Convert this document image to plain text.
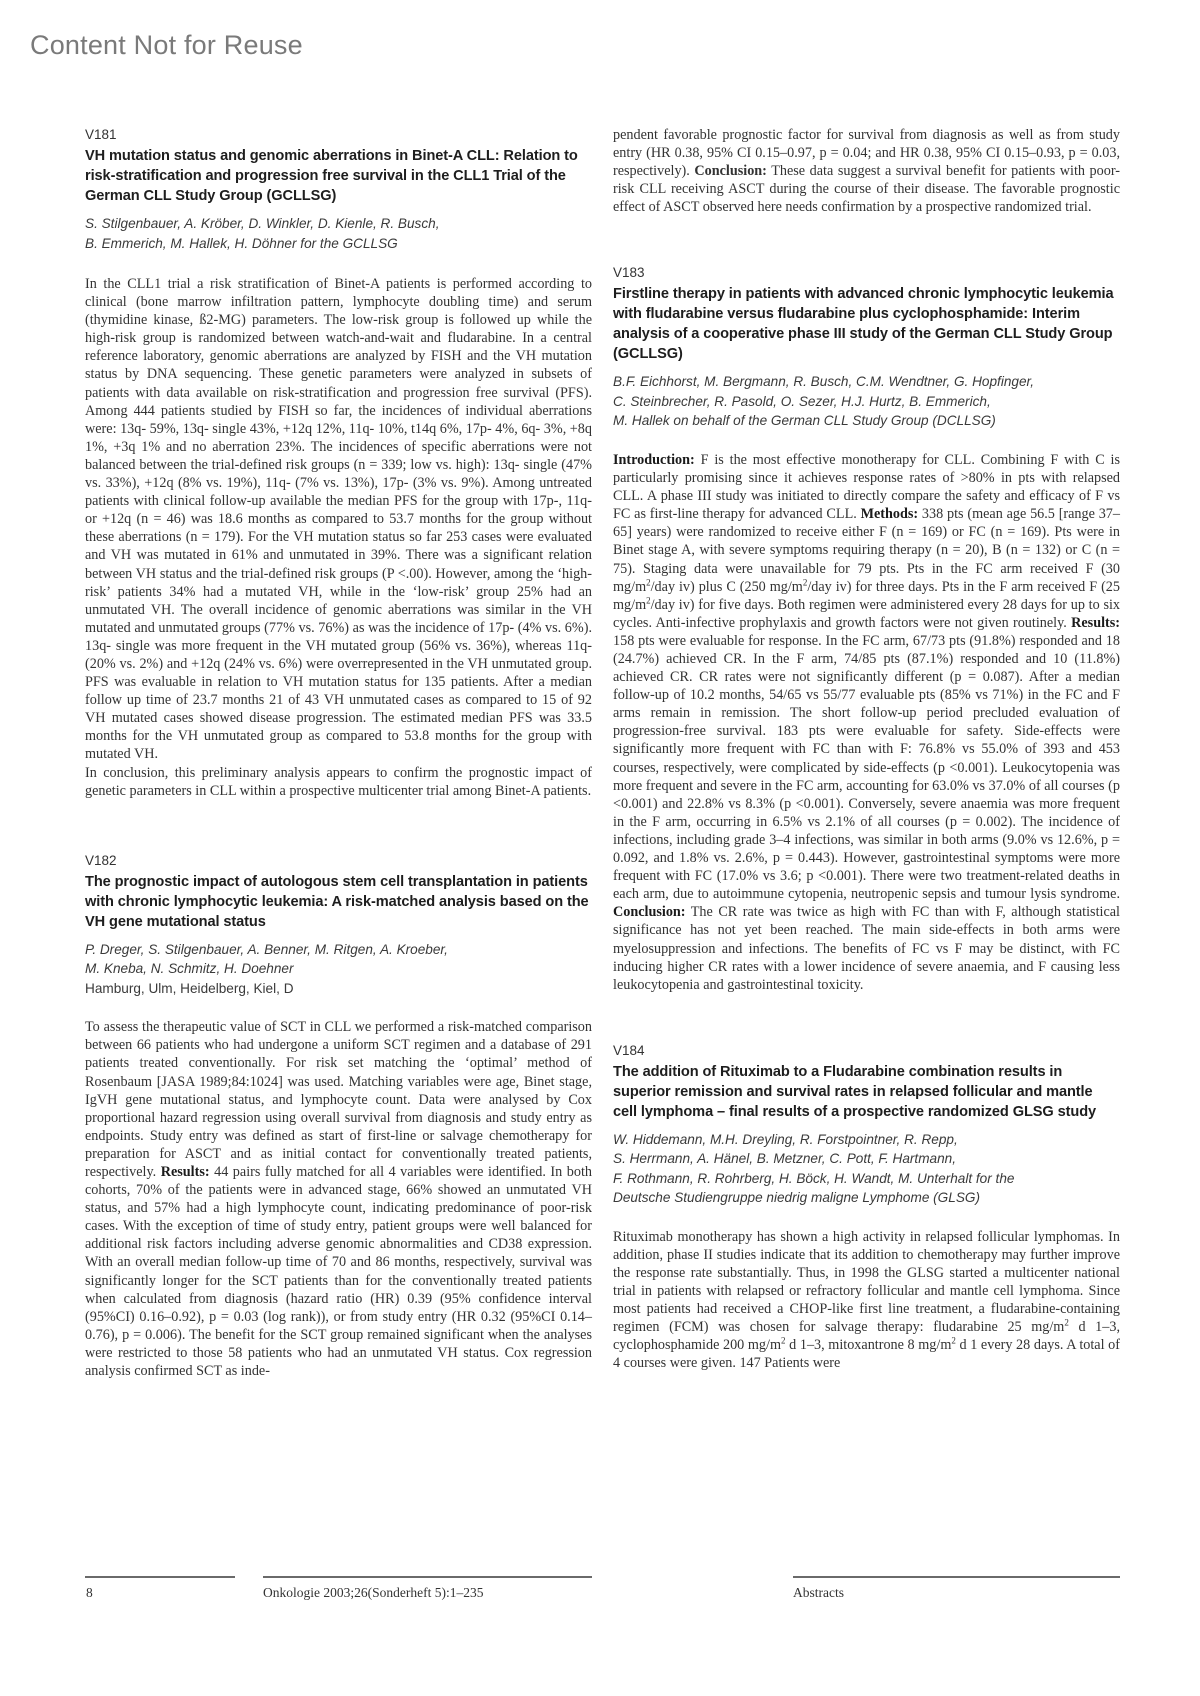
Content Not for Reuse
V181
VH mutation status and genomic aberrations in Binet-A CLL: Relation to risk-stratification and progression free survival in the CLL1 Trial of the German CLL Study Group (GCLLSG)
S. Stilgenbauer, A. Kröber, D. Winkler, D. Kienle, R. Busch,
B. Emmerich, M. Hallek, H. Döhner for the GCLLSG

In the CLL1 trial a risk stratification of Binet-A patients is performed according to clinical (bone marrow infiltration pattern, lymphocyte doubling time) and serum (thymidine kinase, ß2-MG) parameters. The low-risk group is followed up while the high-risk group is randomized between watch-and-wait and fludarabine. In a central reference laboratory, genomic aberrations are analyzed by FISH and the VH mutation status by DNA sequencing. These genetic parameters were analyzed in subsets of patients with data available on risk-stratification and progression free survival (PFS). Among 444 patients studied by FISH so far, the incidences of individual aberrations were: 13q- 59%, 13q- single 43%, +12q 12%, 11q- 10%, t14q 6%, 17p- 4%, 6q- 3%, +8q 1%, +3q 1% and no aberration 23%. The incidences of specific aberrations were not balanced between the trial-defined risk groups (n = 339; low vs. high): 13q- single (47% vs. 33%), +12q (8% vs. 19%), 11q- (7% vs. 13%), 17p- (3% vs. 9%). Among untreated patients with clinical follow-up available the median PFS for the group with 17p-, 11q- or +12q (n = 46) was 18.6 months as compared to 53.7 months for the group without these aberrations (n = 179). For the VH mutation status so far 253 cases were evaluated and VH was mutated in 61% and unmutated in 39%. There was a significant relation between VH status and the trial-defined risk groups (P <.00). However, among the ‘high-risk’ patients 34% had a mutated VH, while in the ‘low-risk’ group 25% had an unmutated VH. The overall incidence of genomic aberrations was similar in the VH mutated and unmutated groups (77% vs. 76%) as was the incidence of 17p- (4% vs. 6%). 13q- single was more frequent in the VH mutated group (56% vs. 36%), whereas 11q- (20% vs. 2%) and +12q (24% vs. 6%) were overrepresented in the VH unmutated group. PFS was evaluable in relation to VH mutation status for 135 patients. After a median follow up time of 23.7 months 21 of 43 VH unmutated cases as compared to 15 of 92 VH mutated cases showed disease progression. The estimated median PFS was 33.5 months for the VH unmutated group as compared to 53.8 months for the group with mutated VH.
In conclusion, this preliminary analysis appears to confirm the prognostic impact of genetic parameters in CLL within a prospective multicenter trial among Binet-A patients.

V182
The prognostic impact of autologous stem cell transplantation in patients with chronic lymphocytic leukemia: A risk-matched analysis based on the VH gene mutational status
P. Dreger, S. Stilgenbauer, A. Benner, M. Ritgen, A. Kroeber,
M. Kneba, N. Schmitz, H. Doehner
Hamburg, Ulm, Heidelberg, Kiel, D

To assess the therapeutic value of SCT in CLL we performed a risk-matched comparison between 66 patients who had undergone a uniform SCT regimen and a database of 291 patients treated conventionally. For risk set matching the ‘optimal’ method of Rosenbaum [JASA 1989;84:1024] was used. Matching variables were age, Binet stage, IgVH gene mutational status, and lymphocyte count. Data were analysed by Cox proportional hazard regression using overall survival from diagnosis and study entry as endpoints. Study entry was defined as start of first-line or salvage chemotherapy for preparation for ASCT and as initial contact for conventionally treated patients, respectively. Results: 44 pairs fully matched for all 4 variables were identified. In both cohorts, 70% of the patients were in advanced stage, 66% showed an unmutated VH status, and 57% had a high lymphocyte count, indicating predominance of poor-risk cases. With the exception of time of study entry, patient groups were well balanced for additional risk factors including adverse genomic abnormalities and CD38 expression. With an overall median follow-up time of 70 and 86 months, respectively, survival was significantly longer for the SCT patients than for the conventionally treated patients when calculated from diagnosis (hazard ratio (HR) 0.39 (95% confidence interval (95%CI) 0.16–0.92), p = 0.03 (log rank)), or from study entry (HR 0.32 (95%CI 0.14–0.76), p = 0.006). The benefit for the SCT group remained significant when the analyses were restricted to those 58 patients who had an unmutated VH status. Cox regression analysis confirmed SCT as inde-

pendent favorable prognostic factor for survival from diagnosis as well as from study entry (HR 0.38, 95% CI 0.15–0.97, p = 0.04; and HR 0.38, 95% CI 0.15–0.93, p = 0.03, respectively). Conclusion: These data suggest a survival benefit for patients with poor-risk CLL receiving ASCT during the course of their disease. The favorable prognostic effect of ASCT observed here needs confirmation by a prospective randomized trial.

V183
Firstline therapy in patients with advanced chronic lymphocytic leukemia with fludarabine versus fludarabine plus cyclophosphamide: Interim analysis of a cooperative phase III study of the German CLL Study Group (GCLLSG)
B.F. Eichhorst, M. Bergmann, R. Busch, C.M. Wendtner, G. Hopfinger,
C. Steinbrecher, R. Pasold, O. Sezer, H.J. Hurtz, B. Emmerich,
M. Hallek on behalf of the German CLL Study Group (DCLLSG)

Introduction: F is the most effective monotherapy for CLL. Combining F with C is particularly promising since it achieves response rates of >80% in pts with relapsed CLL. A phase III study was initiated to directly compare the safety and efficacy of F vs FC as first-line therapy for advanced CLL. Methods: 338 pts (mean age 56.5 [range 37–65] years) were randomized to receive either F (n = 169) or FC (n = 169). Pts were in Binet stage A, with severe symptoms requiring therapy (n = 20), B (n = 132) or C (n = 75). Staging data were unavailable for 79 pts. Pts in the FC arm received F (30 $mg/m^2$/day iv) plus C (250 $mg/m^2$/day iv) for three days. Pts in the F arm received F (25 $mg/m^2$/day iv) for five days. Both regimen were administered every 28 days for up to six cycles. Anti-infective prophylaxis and growth factors were not given routinely. Results: 158 pts were evaluable for response. In the FC arm, 67/73 pts (91.8%) responded and 18 (24.7%) achieved CR. In the F arm, 74/85 pts (87.1%) responded and 10 (11.8%) achieved CR. CR rates were not significantly different (p = 0.087). After a median follow-up of 10.2 months, 54/65 vs 55/77 evaluable pts (85% vs 71%) in the FC and F arms remain in remission. The short follow-up period precluded evaluation of progression-free survival. 183 pts were evaluable for safety. Side-effects were significantly more frequent with FC than with F: 76.8% vs 55.0% of 393 and 453 courses, respectively, were complicated by side-effects (p <0.001). Leukocytopenia was more frequent and severe in the FC arm, accounting for 63.0% vs 37.0% of all courses (p <0.001) and 22.8% vs 8.3% (p <0.001). Conversely, severe anaemia was more frequent in the F arm, occurring in 6.5% vs 2.1% of all courses (p = 0.002). The incidence of infections, including grade 3–4 infections, was similar in both arms (9.0% vs 12.6%, p = 0.092, and 1.8% vs. 2.6%, p = 0.443). However, gastrointestinal symptoms were more frequent with FC (17.0% vs 3.6; p <0.001). There were two treatment-related deaths in each arm, due to autoimmune cytopenia, neutropenic sepsis and tumour lysis syndrome. Conclusion: The CR rate was twice as high with FC than with F, although statistical significance has not yet been reached. The main side-effects in both arms were myelosuppression and infections. The benefits of FC vs F may be distinct, with FC inducing higher CR rates with a lower incidence of severe anaemia, and F causing less leukocytopenia and gastrointestinal toxicity.

V184
The addition of Rituximab to a Fludarabine combination results in superior remission and survival rates in relapsed follicular and mantle cell lymphoma – final results of a prospective randomized GLSG study
W. Hiddemann, M.H. Dreyling, R. Forstpointner, R. Repp,
S. Herrmann, A. Hänel, B. Metzner, C. Pott, F. Hartmann,
F. Rothmann, R. Rohrberg, H. Böck, H. Wandt, M. Unterhalt for the
Deutsche Studiengruppe niedrig maligne Lymphome (GLSG)

Rituximab monotherapy has shown a high activity in relapsed follicular lymphomas. In addition, phase II studies indicate that its addition to chemotherapy may further improve the response rate substantially. Thus, in 1998 the GLSG started a multicenter national trial in patients with relapsed or refractory follicular and mantle cell lymphoma. Since most patients had received a CHOP-like first line treatment, a fludarabine-containing regimen (FCM) was chosen for salvage therapy: fludarabine 25 $mg/m^2$ d 1–3, cyclophosphamide 200 $mg/m^2$ d 1–3, mitoxantrone 8 $mg/m^2$ d 1 every 28 days. A total of 4 courses were given. 147 Patients were

8	Onkologie 2003;26(Sonderheft 5):1–235	Abstracts
